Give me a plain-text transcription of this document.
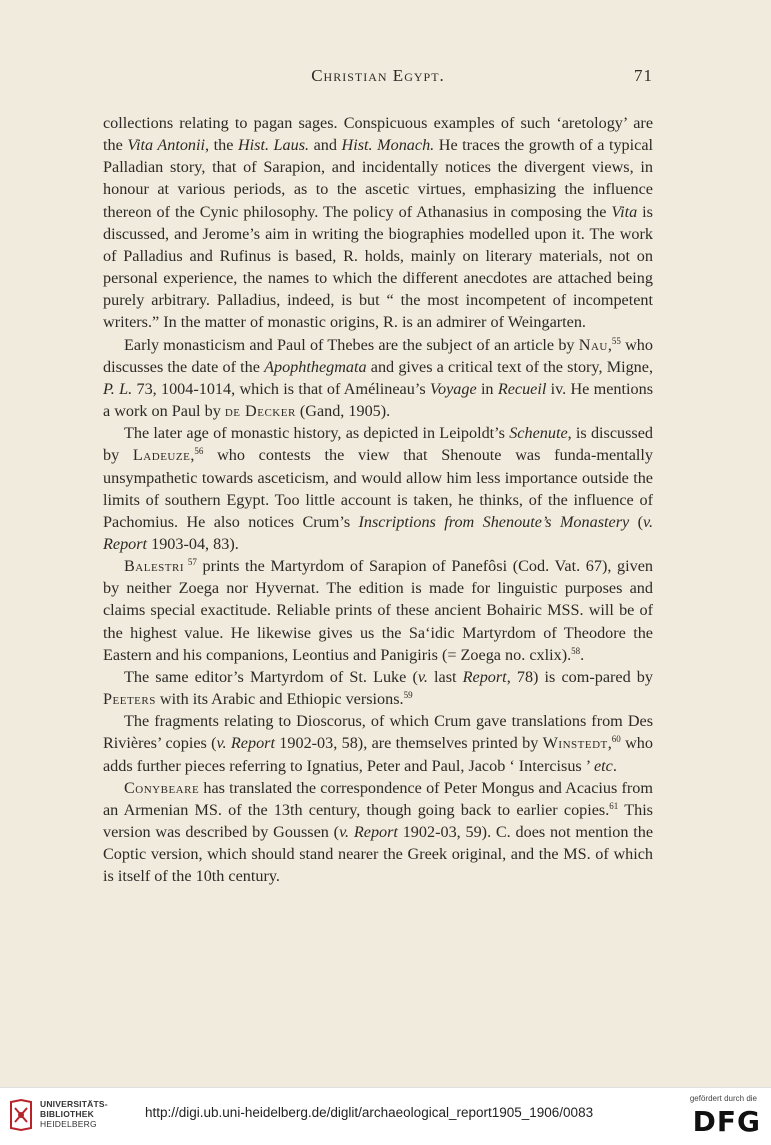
Christian Egypt.	71

collections relating to pagan sages. Conspicuous examples of such ‘aretology’ are the Vita Antonii, the Hist. Laus. and Hist. Monach. He traces the growth of a typical Palladian story, that of Sarapion, and incidentally notices the divergent views, in honour at various periods, as to the ascetic virtues, emphasizing the influence thereon of the Cynic philosophy. The policy of Athanasius in composing the Vita is discussed, and Jerome’s aim in writing the biographies modelled upon it. The work of Palladius and Rufinus is based, R. holds, mainly on literary materials, not on personal experience, the names to which the different anecdotes are attached being purely arbitrary. Palladius, indeed, is but “ the most incompetent of incompetent writers.” In the matter of monastic origins, R. is an admirer of Weingarten.

Early monasticism and Paul of Thebes are the subject of an article by Nau,$^{55}$ who discusses the date of the Apophthegmata and gives a critical text of the story, Migne, P. L. 73, 1004-1014, which is that of Amélineau’s Voyage in Recueil iv. He mentions a work on Paul by de Decker (Gand, 1905).

The later age of monastic history, as depicted in Leipoldt’s Schenute, is discussed by Ladeuze,$^{56}$ who contests the view that Shenoute was funda-mentally unsympathetic towards asceticism, and would allow him less importance outside the limits of southern Egypt. Too little account is taken, he thinks, of the influence of Pachomius. He also notices Crum’s Inscriptions from Shenoute’s Monastery (v. Report 1903-04, 83).

Balestri $^{57}$ prints the Martyrdom of Sarapion of Panefôsi (Cod. Vat. 67), given by neither Zoega nor Hyvernat. The edition is made for linguistic purposes and claims special exactitude. Reliable prints of these ancient Bohairic MSS. will be of the highest value. He likewise gives us the Sa‘idic Martyrdom of Theodore the Eastern and his companions, Leontius and Panigiris (= Zoega no. cxlix).$^{58}$.

The same editor’s Martyrdom of St. Luke (v. last Report, 78) is com-pared by Peeters with its Arabic and Ethiopic versions.$^{59}$

The fragments relating to Dioscorus, of which Crum gave translations from Des Rivières’ copies (v. Report 1902-03, 58), are themselves printed by Winstedt,$^{60}$ who adds further pieces referring to Ignatius, Peter and Paul, Jacob ‘ Intercisus ’ etc.

Conybeare has translated the correspondence of Peter Mongus and Acacius from an Armenian MS. of the 13th century, though going back to earlier copies.$^{61}$ This version was described by Goussen (v. Report 1902-03, 59). C. does not mention the Coptic version, which should stand nearer the Greek original, and the MS. of which is itself of the 10th century.

UNIVERSITÄTS-
BIBLIOTHEK
HEIDELBERG
http://digi.ub.uni-heidelberg.de/diglit/archaeological_report1905_1906/0083
gefördert durch die
DFG
